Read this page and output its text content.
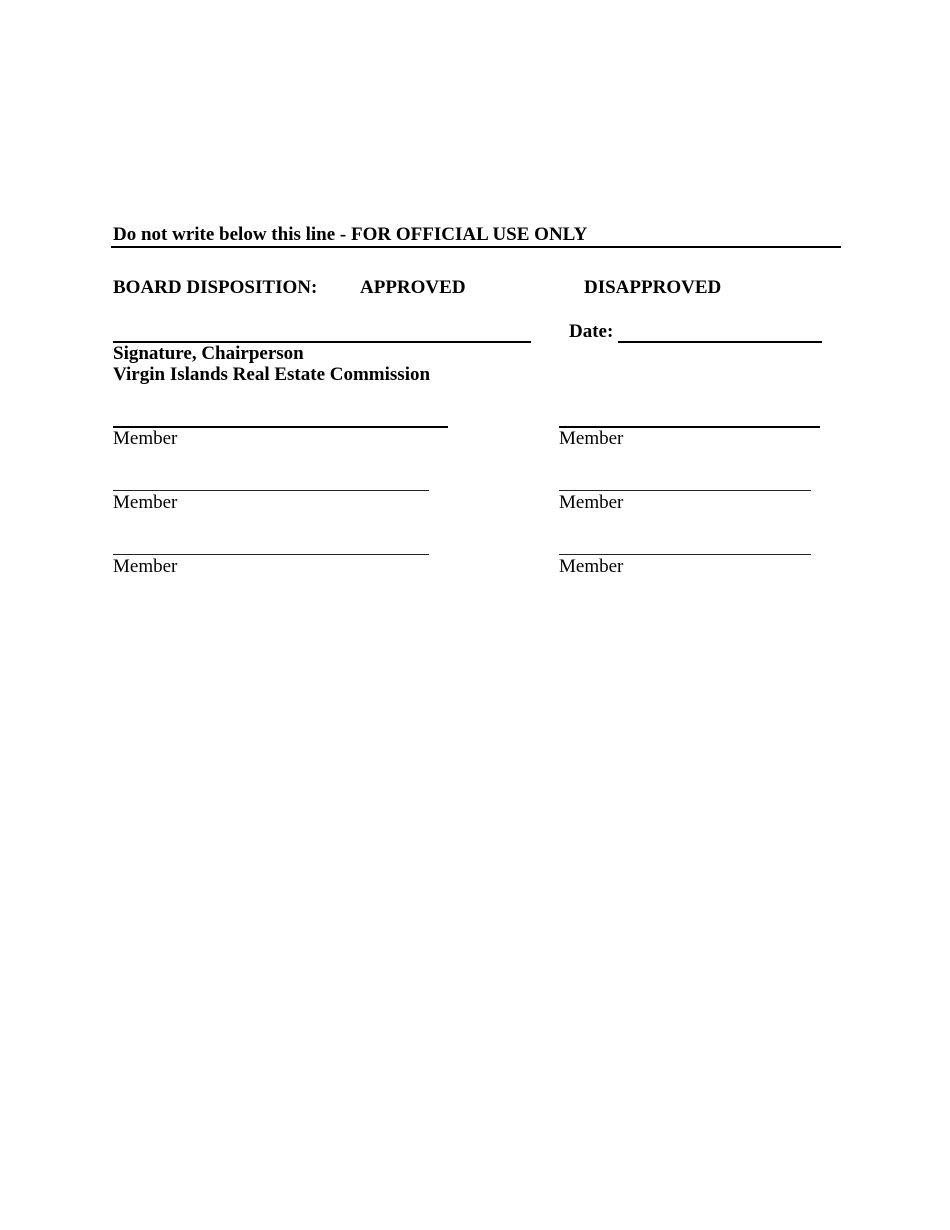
Do not write below this line - FOR OFFICIAL USE ONLY
BOARD DISPOSITION: APPROVED	DISAPPROVED
Date:
Signature, Chairperson
Virgin Islands Real Estate Commission
Member	Member
Member	Member
Member	Member
